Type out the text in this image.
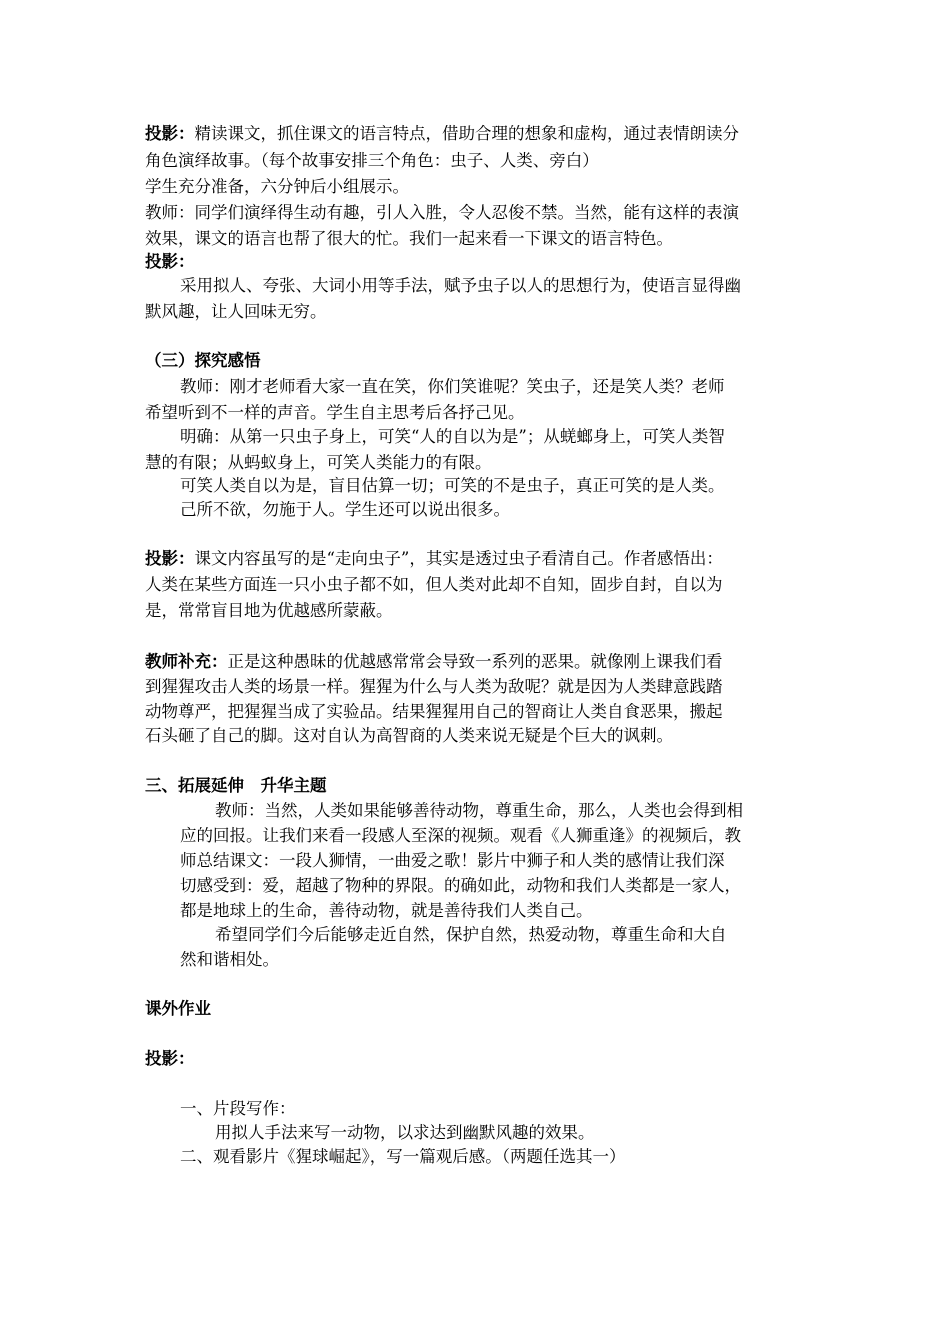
投影：精读课文，抓住课文的语言特点，借助合理的想象和虚构，通过表情朗读分
角色演绎故事。（每个故事安排三个角色：虫子、人类、旁白）
学生充分准备，六分钟后小组展示。
教师：同学们演绎得生动有趣，引人入胜，令人忍俊不禁。当然，能有这样的表演
效果，课文的语言也帮了很大的忙。我们一起来看一下课文的语言特色。
投影：
采用拟人、夸张、大词小用等手法，赋予虫子以人的思想行为，使语言显得幽
默风趣，让人回味无穷。
（三）探究感悟
教师：刚才老师看大家一直在笑，你们笑谁呢？笑虫子，还是笑人类？老师
希望听到不一样的声音。学生自主思考后各抒己见。
明确：从第一只虫子身上，可笑“人的自以为是”；从蜣螂身上，可笑人类智
慧的有限；从蚂蚁身上，可笑人类能力的有限。
可笑人类自以为是，盲目估算一切；可笑的不是虫子，真正可笑的是人类。
己所不欲，勿施于人。学生还可以说出很多。
投影：课文内容虽写的是“走向虫子”，其实是透过虫子看清自己。作者感悟出：
人类在某些方面连一只小虫子都不如，但人类对此却不自知，固步自封，自以为
是，常常盲目地为优越感所蒙蔽。
教师补充：正是这种愚昧的优越感常常会导致一系列的恶果。就像刚上课我们看
到猩猩攻击人类的场景一样。猩猩为什么与人类为敌呢？就是因为人类肆意践踏
动物尊严，把猩猩当成了实验品。结果猩猩用自己的智商让人类自食恶果，搬起
石头砸了自己的脚。这对自认为高智商的人类来说无疑是个巨大的讽刺。
三、拓展延伸　升华主题
教师：当然，人类如果能够善待动物，尊重生命，那么，人类也会得到相
应的回报。让我们来看一段感人至深的视频。观看《人狮重逢》的视频后，教
师总结课文：一段人狮情，一曲爱之歌！影片中狮子和人类的感情让我们深
切感受到：爱，超越了物种的界限。的确如此，动物和我们人类都是一家人，
都是地球上的生命，善待动物，就是善待我们人类自己。
希望同学们今后能够走近自然，保护自然，热爱动物，尊重生命和大自
然和谐相处。
课外作业
投影：
一、片段写作：
用拟人手法来写一动物，以求达到幽默风趣的效果。
二、观看影片《猩球崛起》，写一篇观后感。（两题任选其一）
